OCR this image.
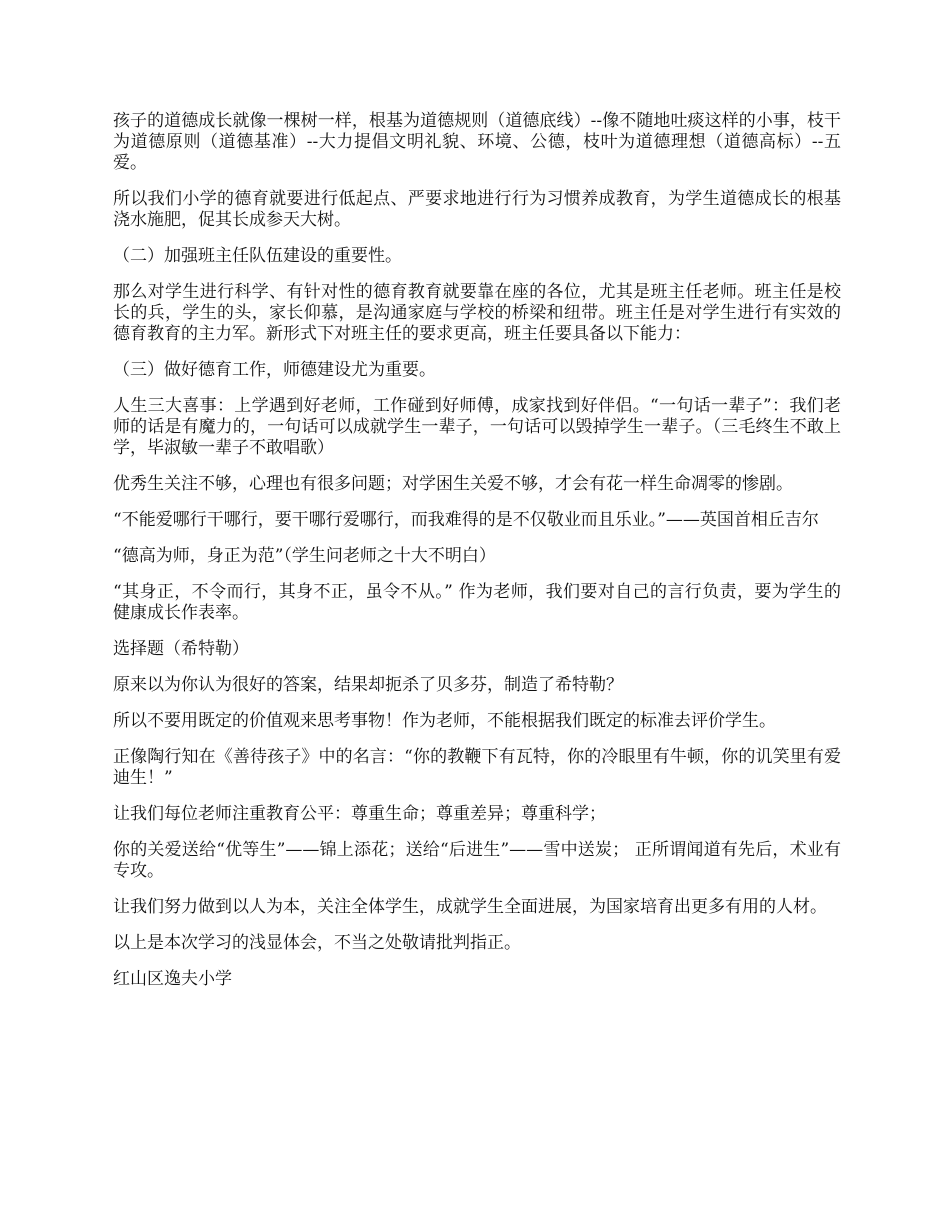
孩子的道德成长就像一棵树一样，根基为道德规则（道德底线）--像不随地吐痰这样的小事，枝干为道德原则（道德基准）--大力提倡文明礼貌、环境、公德，枝叶为道德理想（道德高标）--五爱。

所以我们小学的德育就要进行低起点、严要求地进行行为习惯养成教育，为学生道德成长的根基浇水施肥，促其长成参天大树。

（二）加强班主任队伍建设的重要性。

那么对学生进行科学、有针对性的德育教育就要靠在座的各位，尤其是班主任老师。班主任是校长的兵，学生的头，家长仰慕，是沟通家庭与学校的桥梁和纽带。班主任是对学生进行有实效的德育教育的主力军。新形式下对班主任的要求更高，班主任要具备以下能力：

（三）做好德育工作，师德建设尤为重要。

人生三大喜事：上学遇到好老师，工作碰到好师傅，成家找到好伴侣。“一句话一辈子”：我们老师的话是有魔力的，一句话可以成就学生一辈子，一句话可以毁掉学生一辈子。（三毛终生不敢上学，毕淑敏一辈子不敢唱歌）

优秀生关注不够，心理也有很多问题；对学困生关爱不够，才会有花一样生命凋零的惨剧。

“不能爱哪行干哪行，要干哪行爱哪行，而我难得的是不仅敬业而且乐业。”——英国首相丘吉尔

“德高为师，身正为范”（学生问老师之十大不明白）

“其身正，不令而行，其身不正，虽令不从。” 作为老师，我们要对自己的言行负责，要为学生的健康成长作表率。

选择题（希特勒）

原来以为你认为很好的答案，结果却扼杀了贝多芬，制造了希特勒？

所以不要用既定的价值观来思考事物！作为老师，不能根据我们既定的标准去评价学生。

正像陶行知在《善待孩子》中的名言：“你的教鞭下有瓦特，你的冷眼里有牛顿，你的讥笑里有爱迪生！”

让我们每位老师注重教育公平：尊重生命；尊重差异；尊重科学；

你的关爱送给“优等生”——锦上添花；送给“后进生”——雪中送炭； 正所谓闻道有先后，术业有专攻。

让我们努力做到以人为本，关注全体学生，成就学生全面进展，为国家培育出更多有用的人材。

以上是本次学习的浅显体会，不当之处敬请批判指正。

红山区逸夫小学
